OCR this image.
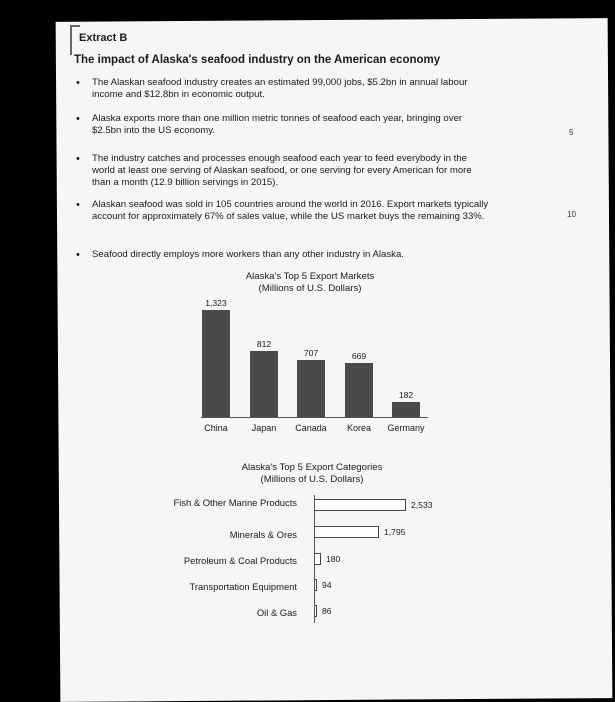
Extract B
The impact of Alaska's seafood industry on the American economy
• The Alaskan seafood industry creates an estimated 99,000 jobs, $5.2bn in annual labour income and $12.8bn in economic output.
• Alaska exports more than one million metric tonnes of seafood each year, bringing over $2.5bn into the US economy.
• The industry catches and processes enough seafood each year to feed everybody in the world at least one serving of Alaskan seafood, or one serving for every American for more than a month (12.9 billion servings in 2015).
• Alaskan seafood was sold in 105 countries around the world in 2016. Export markets typically account for approximately 67% of sales value, while the US market buys the remaining 33%.
• Seafood directly employs more workers than any other industry in Alaska.
5
10
Alaska's Top 5 Export Markets
(Millions of U.S. Dollars)
1,323
China
812
Japan
707
Canada
669
Korea
182
Germany
Alaska's Top 5 Export Categories
(Millions of U.S. Dollars)
2,533
Fish & Other Marine Products
1,795
Minerals & Ores
180
Petroleum & Coal Products
94
Transportation Equipment
86
Oil & Gas
